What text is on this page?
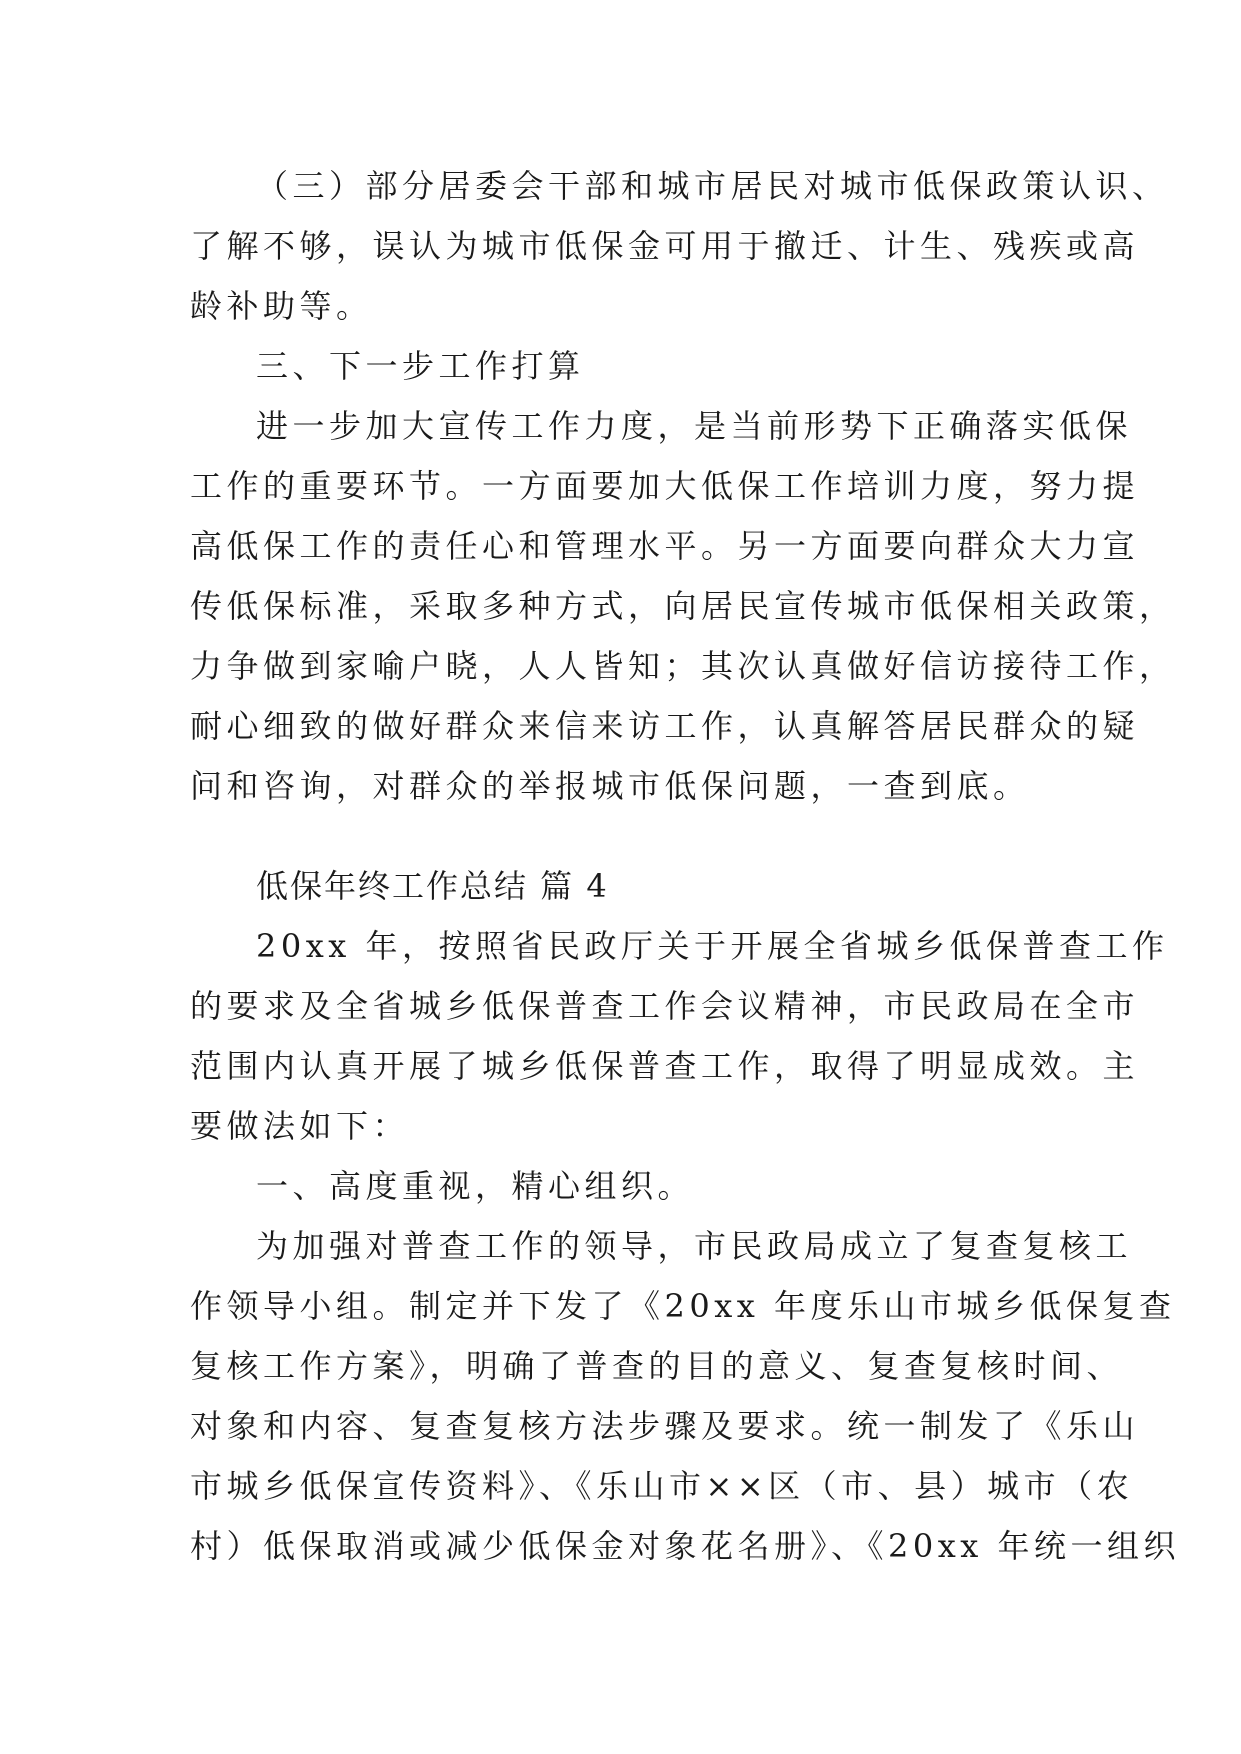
（三）部分居委会干部和城市居民对城市低保政策认识、
了解不够，误认为城市低保金可用于撤迁、计生、残疾或高
龄补助等。
三、下一步工作打算
进一步加大宣传工作力度，是当前形势下正确落实低保
工作的重要环节。一方面要加大低保工作培训力度，努力提
高低保工作的责任心和管理水平。另一方面要向群众大力宣
传低保标准，采取多种方式，向居民宣传城市低保相关政策，
力争做到家喻户晓，人人皆知；其次认真做好信访接待工作，
耐心细致的做好群众来信来访工作，认真解答居民群众的疑
问和咨询，对群众的举报城市低保问题，一查到底。
低保年终工作总结 篇 4
20xx 年，按照省民政厅关于开展全省城乡低保普查工作
的要求及全省城乡低保普查工作会议精神，市民政局在全市
范围内认真开展了城乡低保普查工作，取得了明显成效。主
要做法如下：
一、高度重视，精心组织。
为加强对普查工作的领导，市民政局成立了复查复核工
作领导小组。制定并下发了《20xx 年度乐山市城乡低保复查
复核工作方案》，明确了普查的目的意义、复查复核时间、
对象和内容、复查复核方法步骤及要求。统一制发了《乐山
市城乡低保宣传资料》、《乐山市××区（市、县）城市（农
村）低保取消或减少低保金对象花名册》、《20xx 年统一组织
